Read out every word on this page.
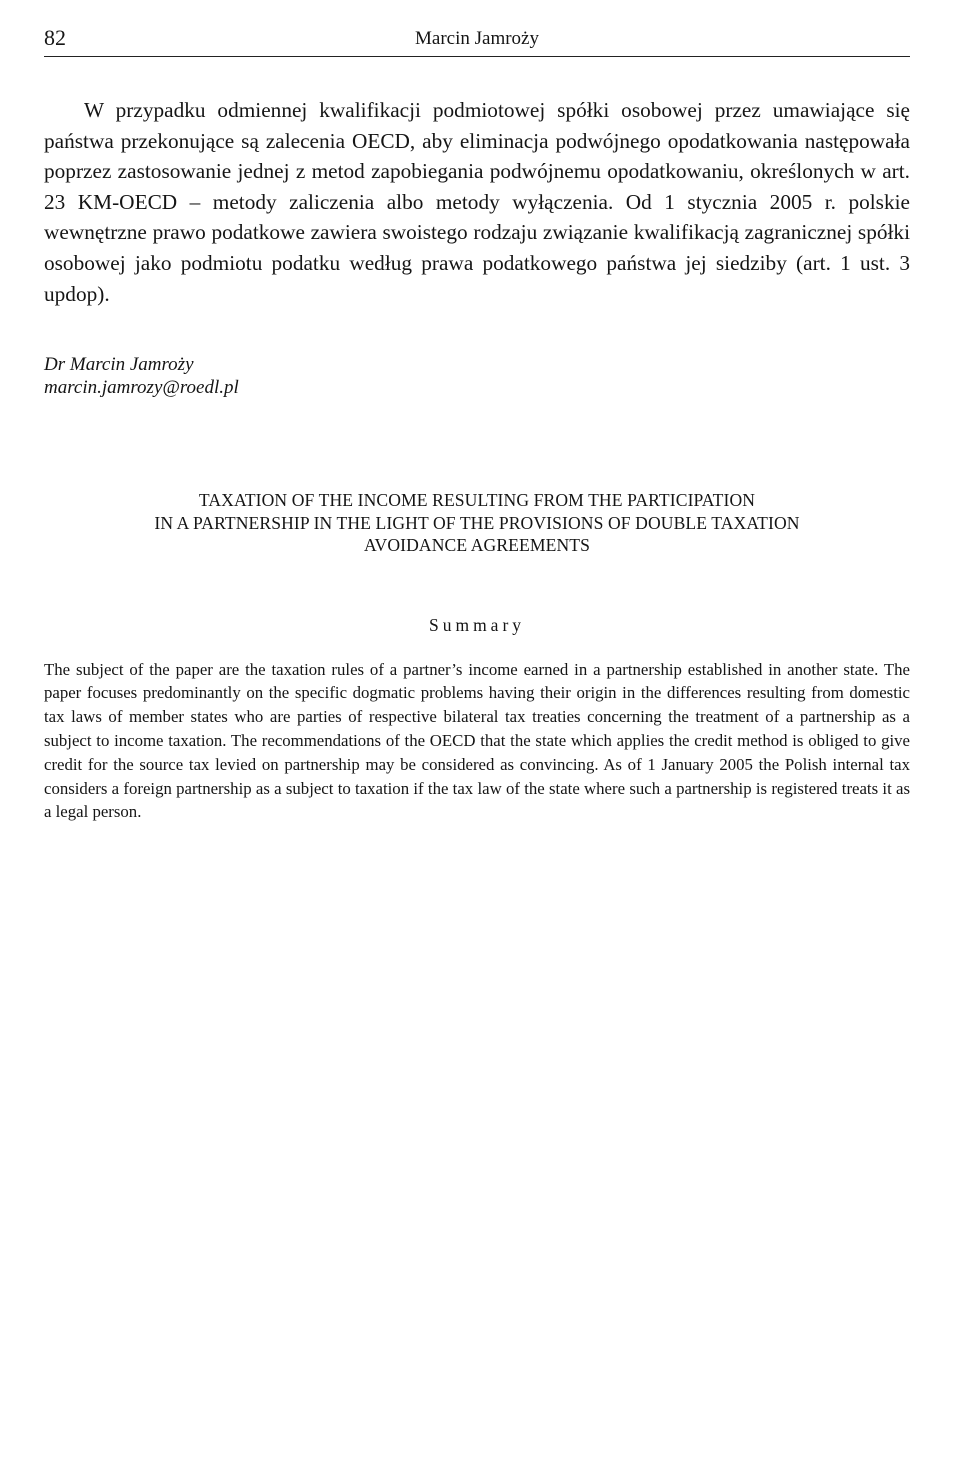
82	Marcin Jamroży

W przypadku odmiennej kwalifikacji podmiotowej spółki osobowej przez umawiające się państwa przekonujące są zalecenia OECD, aby eliminacja podwójnego opodatkowania następowała poprzez zastosowanie jednej z metod zapobiegania podwójnemu opodatkowaniu, określonych w art. 23 KM-OECD – metody zaliczenia albo metody wyłączenia. Od 1 stycznia 2005 r. polskie wewnętrzne prawo podatkowe zawiera swoistego rodzaju związanie kwalifikacją zagranicznej spółki osobowej jako podmiotu podatku według prawa podatkowego państwa jej siedziby (art. 1 ust. 3 updop).

Dr Marcin Jamroży
marcin.jamrozy@roedl.pl
TAXATION OF THE INCOME RESULTING FROM THE PARTICIPATION
IN A PARTNERSHIP IN THE LIGHT OF THE PROVISIONS OF DOUBLE TAXATION
AVOIDANCE AGREEMENTS
Summary

The subject of the paper are the taxation rules of a partner’s income earned in a partnership established in another state. The paper focuses predominantly on the specific dogmatic problems having their origin in the differences resulting from domestic tax laws of member states who are parties of respective bilateral tax treaties concerning the treatment of a partnership as a subject to income taxation. The recommendations of the OECD that the state which applies the credit method is obliged to give credit for the source tax levied on partnership may be considered as convincing. As of 1 January 2005 the Polish internal tax considers a foreign partnership as a subject to taxation if the tax law of the state where such a partnership is registered treats it as a legal person.
